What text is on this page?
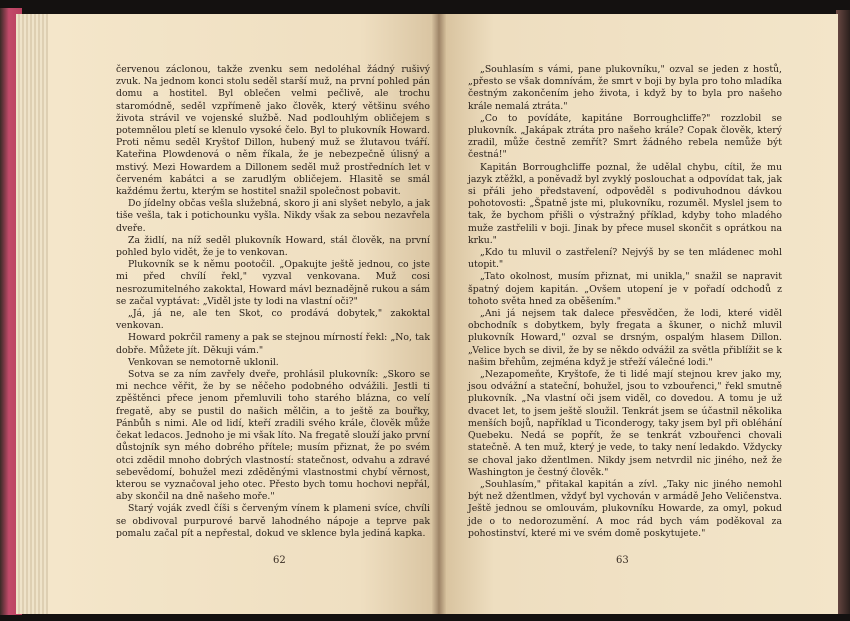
červenou záclonou, takže zvenku sem nedoléhal žádný rušivý zvuk. Na jednom konci stolu seděl starší muž, na první pohled pán domu a hostitel. Byl oblečen velmi pečlivě, ale trochu staromódně, seděl vzpřímeně jako člověk, který většinu svého života strávil ve vojenské službě. Nad podlouhlým obličejem s potemnělou pletí se klenulo vysoké čelo. Byl to plukovník Howard. Proti němu seděl Kryštof Dillon, hubený muž se žlutavou tváří. Kateřina Plowdenová o něm říkala, že je nebezpečně úlisný a mstivý. Mezi Howardem a Dillonem seděl muž prostředních let v červeném kabátci a se zarudlým obličejem. Hlasitě se smál každému žertu, kterým se hostitel snažil společnost pobavit.

Do jídelny občas vešla služebná, skoro ji ani slyšet nebylo, a jak tiše vešla, tak i potichounku vyšla. Nikdy však za sebou nezavřela dveře.

Za židlí, na níž seděl plukovník Howard, stál člověk, na první pohled bylo vidět, že je to venkovan.

Plukovník se k němu pootočil. „Opakujte ještě jednou, co jste mi před chvílí řekl," vyzval venkovana. Muž cosi nesrozumitelného zakoktal, Howard mávl beznadějně rukou a sám se začal vyptávat: „Viděl jste ty lodi na vlastní oči?"

„Já, já ne, ale ten Skot, co prodává dobytek," zakoktal venkovan.

Howard pokrčil rameny a pak se stejnou mírností řekl: „No, tak dobře. Můžete jít. Děkuji vám."

Venkovan se nemotorně uklonil.

Sotva se za ním zavřely dveře, prohlásil plukovník: „Skoro se mi nechce věřit, že by se něčeho podobného odvážili. Jestli ti zpěštěnci přece jenom přemluvili toho starého blázna, co velí fregatě, aby se pustil do našich mělčin, a to ještě za bouřky, Pánbůh s nimi. Ale od lidí, kteří zradili svého krále, člověk může čekat ledacos. Jednoho je mi však líto. Na fregatě slouží jako první důstojník syn mého dobrého přítele; musím přiznat, že po svém otci zdědil mnoho dobrých vlastností: statečnost, odvahu a zdravé sebevědomí, bohužel mezi zděděnými vlastnostmi chybí věrnost, kterou se vyznačoval jeho otec. Přesto bych tomu hochovi nepřál, aby skončil na dně našeho moře."

Starý voják zvedl číši s červeným vínem k plameni svíce, chvíli se obdivoval purpurové barvě lahodného nápoje a teprve pak pomalu začal pít a nepřestal, dokud ve sklence byla jediná kapka.

62

„Souhlasím s vámi, pane plukovníku," ozval se jeden z hostů, „přesto se však domnívám, že smrt v boji by byla pro toho mladíka čestným zakončením jeho života, i když by to byla pro našeho krále nemalá ztráta."

„Co to povídáte, kapitáne Borroughcliffe?" rozzlobil se plukovník. „Jakápak ztráta pro našeho krále? Copak člověk, který zradil, může čestně zemřít? Smrt žádného rebela nemůže být čestná!"

Kapitán Borroughcliffe poznal, že udělal chybu, cítil, že mu jazyk ztěžkl, a poněvadž byl zvyklý poslouchat a odpovídat tak, jak si přáli jeho představení, odpověděl s podivuhodnou dávkou pohotovosti: „Špatně jste mi, plukovníku, rozuměl. Myslel jsem to tak, že bychom přišli o výstražný příklad, kdyby toho mladého muže zastřelili v boji. Jinak by přece musel skončit s oprátkou na krku."

„Kdo tu mluvil o zastřelení? Nejvýš by se ten mládenec mohl utopit."

„Tato okolnost, musím přiznat, mi unikla," snažil se napravit špatný dojem kapitán. „Ovšem utopení je v pořadí odchodů z tohoto světa hned za oběšením."

„Ani já nejsem tak dalece přesvědčen, že lodi, které viděl obchodník s dobytkem, byly fregata a škuner, o nichž mluvil plukovník Howard," ozval se drsným, ospalým hlasem Dillon. „Velice bych se divil, že by se někdo odvážil za světla přiblížit se k našim břehům, zejména když je střeží válečné lodi."

„Nezapomeňte, Kryštofe, že ti lidé mají stejnou krev jako my, jsou odvážní a stateční, bohužel, jsou to vzbouřenci," řekl smutně plukovník. „Na vlastní oči jsem viděl, co dovedou. A tomu je už dvacet let, to jsem ještě sloužil. Tenkrát jsem se účastnil několika menších bojů, například u Ticonderogy, taky jsem byl při obléhání Quebeku. Nedá se popřít, že se tenkrát vzbouřenci chovali statečně. A ten muž, který je vede, to taky není ledakdo. Vždycky se choval jako džentlmen. Nikdy jsem netvrdil nic jiného, než že Washington je čestný člověk."

„Souhlasím," přitakal kapitán a zívl. „Taky nic jiného nemohl být než džentlmen, vždyť byl vychován v armádě Jeho Veličenstva. Ještě jednou se omlouvám, plukovníku Howarde, za omyl, pokud jde o to nedorozumění. A moc rád bych vám poděkoval za pohostinství, které mi ve svém domě poskytujete."

63
